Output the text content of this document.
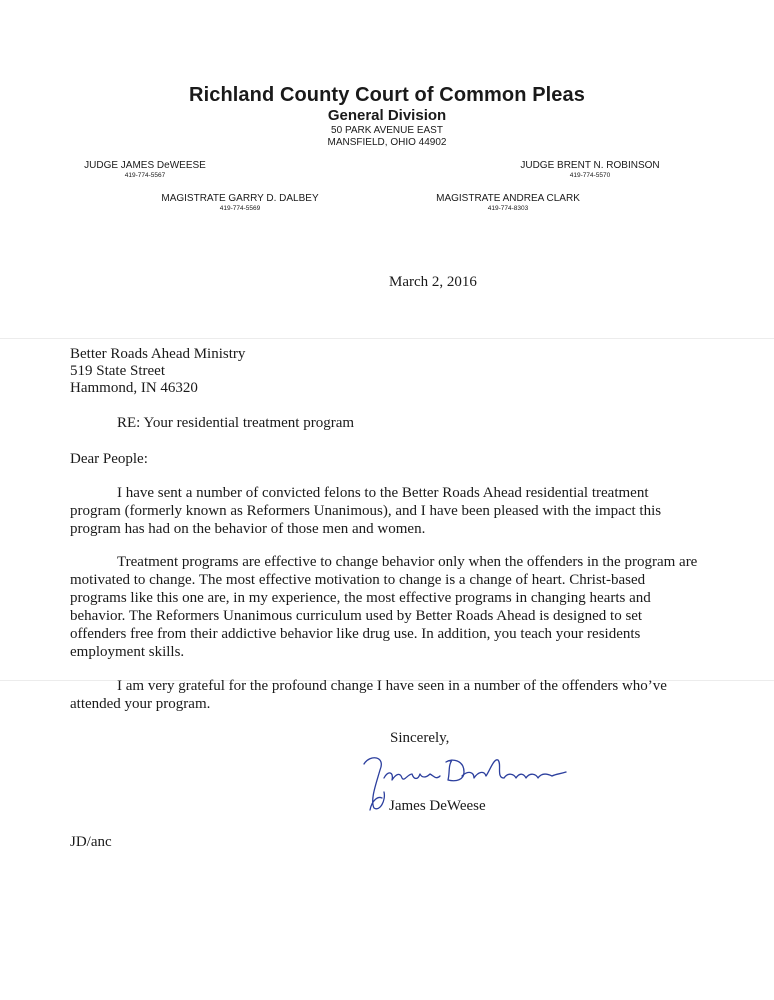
Richland County Court of Common Pleas
General Division
50 PARK AVENUE EAST
MANSFIELD, OHIO 44902
JUDGE JAMES DeWEESE
419-774-5567
JUDGE BRENT N. ROBINSON
419-774-5570
MAGISTRATE GARRY D. DALBEY
419-774-5569
MAGISTRATE ANDREA CLARK
419-774-8303
March 2, 2016
Better Roads Ahead Ministry
519 State Street
Hammond, IN 46320
RE: Your residential treatment program
Dear People:
I have sent a number of convicted felons to the Better Roads Ahead residential treatment
program (formerly known as Reformers Unanimous), and I have been pleased with the impact this
program has had on the behavior of those men and women.
Treatment programs are effective to change behavior only when the offenders in the program are
motivated to change. The most effective motivation to change is a change of heart. Christ-based
programs like this one are, in my experience, the most effective programs in changing hearts and
behavior. The Reformers Unanimous curriculum used by Better Roads Ahead is designed to set
offenders free from their addictive behavior like drug use. In addition, you teach your residents
employment skills.
I am very grateful for the profound change I have seen in a number of the offenders who’ve
attended your program.
Sincerely,
James DeWeese
JD/anc
